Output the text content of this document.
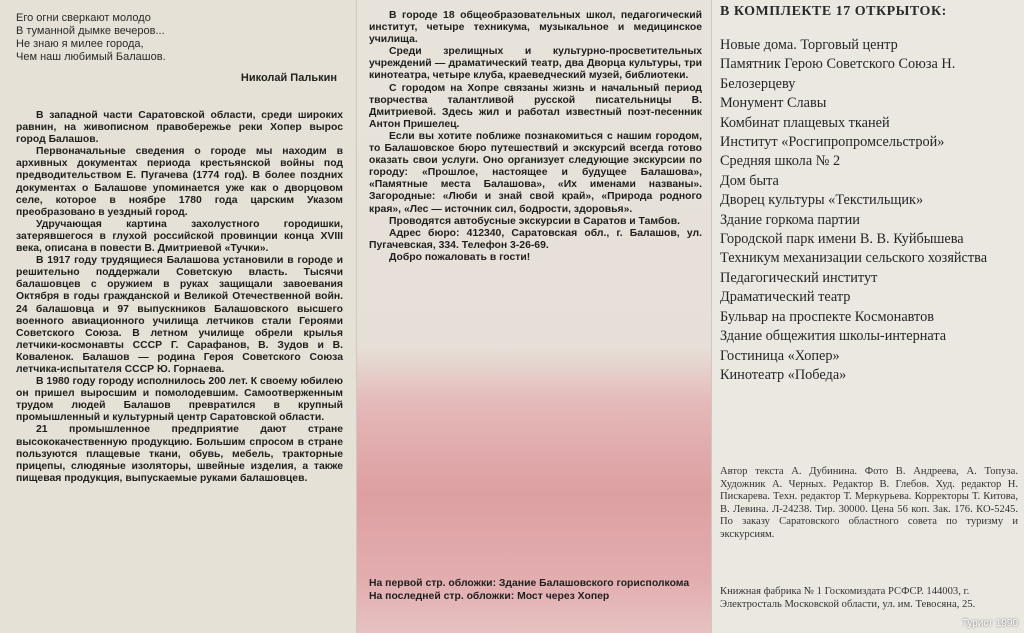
Его огни сверкают молодо
В туманной дымке вечеров...
Не знаю я милее города,
Чем наш любимый Балашов.
Николай Палькин

В западной части Саратовской области, среди широких равнин, на живописном правобережье реки Хопер вырос город Балашов.

Первоначальные сведения о городе мы находим в архивных документах периода крестьянской войны под предводительством Е. Пугачева (1774 год). В более поздних документах о Балашове упоминается уже как о дворцовом селе, которое в ноябре 1780 года царским Указом преобразовано в уездный город.

Удручающая картина захолустного городишки, затерявшегося в глухой российской провинции конца XVIII века, описана в повести В. Дмитриевой «Тучки».

В 1917 году трудящиеся Балашова установили в городе и решительно поддержали Советскую власть. Тысячи балашовцев с оружием в руках защищали завоевания Октября в годы гражданской и Великой Отечественной войн. 24 балашовца и 97 выпускников Балашовского высшего военного авиационного училища летчиков стали Героями Советского Союза. В летном училище обрели крылья летчики-космонавты СССР Г. Сарафанов, В. Зудов и В. Коваленок. Балашов — родина Героя Советского Союза летчика-испытателя СССР Ю. Горнаева.

В 1980 году городу исполнилось 200 лет. К своему юбилею он пришел выросшим и помолодевшим. Самоотверженным трудом людей Балашов превратился в крупный промышленный и культурный центр Саратовской области.

21 промышленное предприятие дают стране высококачественную продукцию. Большим спросом в стране пользуются плащевые ткани, обувь, мебель, тракторные прицепы, слюдяные изоляторы, швейные изделия, а также пищевая продукция, выпускаемые руками балашовцев.

В городе 18 общеобразовательных школ, педагогический институт, четыре техникума, музыкальное и медицинское училища.

Среди зрелищных и культурно-просветительных учреждений — драматический театр, два Дворца культуры, три кинотеатра, четыре клуба, краеведческий музей, библиотеки.

С городом на Хопре связаны жизнь и начальный период творчества талантливой русской писательницы В. Дмитриевой. Здесь жил и работал известный поэт-песенник Антон Пришелец.

Если вы хотите поближе познакомиться с нашим городом, то Балашовское бюро путешествий и экскурсий всегда готово оказать свои услуги. Оно организует следующие экскурсии по городу: «Прошлое, настоящее и будущее Балашова», «Памятные места Балашова», «Их именами названы». Загородные: «Люби и знай свой край», «Природа родного края», «Лес — источник сил, бодрости, здоровья».

Проводятся автобусные экскурсии в Саратов и Тамбов.

Адрес бюро: 412340, Саратовская обл., г. Балашов, ул. Пугачевская, 334. Телефон 3-26-69.

Добро пожаловать в гости!

На первой стр. обложки: Здание Балашовского горисполкома
На последней стр. обложки: Мост через Хопер
В КОМПЛЕКТЕ 17 ОТКРЫТОК:
Новые дома. Торговый центр
Памятник Герою Советского Союза Н. Белозерцеву
Монумент Славы
Комбинат плащевых тканей
Институт «Росгипропромсельстрой»
Средняя школа № 2
Дом быта
Дворец культуры «Текстильщик»
Здание горкома партии
Городской парк имени В. В. Куйбышева
Техникум механизации сельского хозяйства
Педагогический институт
Драматический театр
Бульвар на проспекте Космонавтов
Здание общежития школы-интерната
Гостиница «Хопер»
Кинотеатр «Победа»
Автор текста А. Дубинина. Фото В. Андреева, А. Топуза. Художник А. Черных. Редактор В. Глебов. Худ. редактор Н. Пискарева. Техн. редактор Т. Меркурьева. Корректоры Т. Китова, В. Левина. Л-24238. Тир. 30000. Цена 56 коп. Зак. 176. КО-5245. По заказу Саратовского областного совета по туризму и экскурсиям.
Книжная фабрика № 1 Госкомиздата РСФСР. 144003, г. Электросталь Московской области, ул. им. Тевосяна, 25.
Турист 1990
